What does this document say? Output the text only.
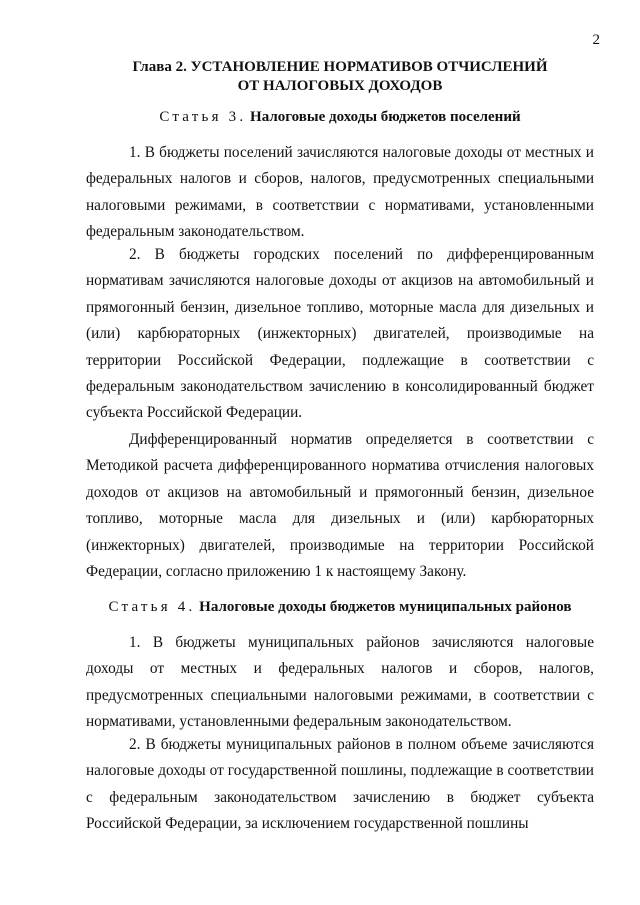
2
Глава 2. УСТАНОВЛЕНИЕ НОРМАТИВОВ ОТЧИСЛЕНИЙ
ОТ НАЛОГОВЫХ ДОХОДОВ
Статья 3. Налоговые доходы бюджетов поселений

1. В бюджеты поселений зачисляются налоговые доходы от местных и федеральных налогов и сборов, налогов, предусмотренных специальными налоговыми режимами, в соответствии с нормативами, установленными федеральным законодательством.

2. В бюджеты городских поселений по дифференцированным нормативам зачисляются налоговые доходы от акцизов на автомобильный и прямогонный бензин, дизельное топливо, моторные масла для дизельных и (или) карбюраторных (инжекторных) двигателей, производимые на территории Российской Федерации, подлежащие в соответствии с федеральным законодательством зачислению в консолидированный бюджет субъекта Российской Федерации.

Дифференцированный норматив определяется в соответствии с Методикой расчета дифференцированного норматива отчисления налоговых доходов от акцизов на автомобильный и прямогонный бензин, дизельное топливо, моторные масла для дизельных и (или) карбюраторных (инжекторных) двигателей, производимые на территории Российской Федерации, согласно приложению 1 к настоящему Закону.

Статья 4. Налоговые доходы бюджетов муниципальных районов

1. В бюджеты муниципальных районов зачисляются налоговые доходы от местных и федеральных налогов и сборов, налогов, предусмотренных специальными налоговыми режимами, в соответствии с нормативами, установленными федеральным законодательством.

2. В бюджеты муниципальных районов в полном объеме зачисляются налоговые доходы от государственной пошлины, подлежащие в соответствии с федеральным законодательством зачислению в бюджет субъекта Российской Федерации, за исключением государственной пошлины
